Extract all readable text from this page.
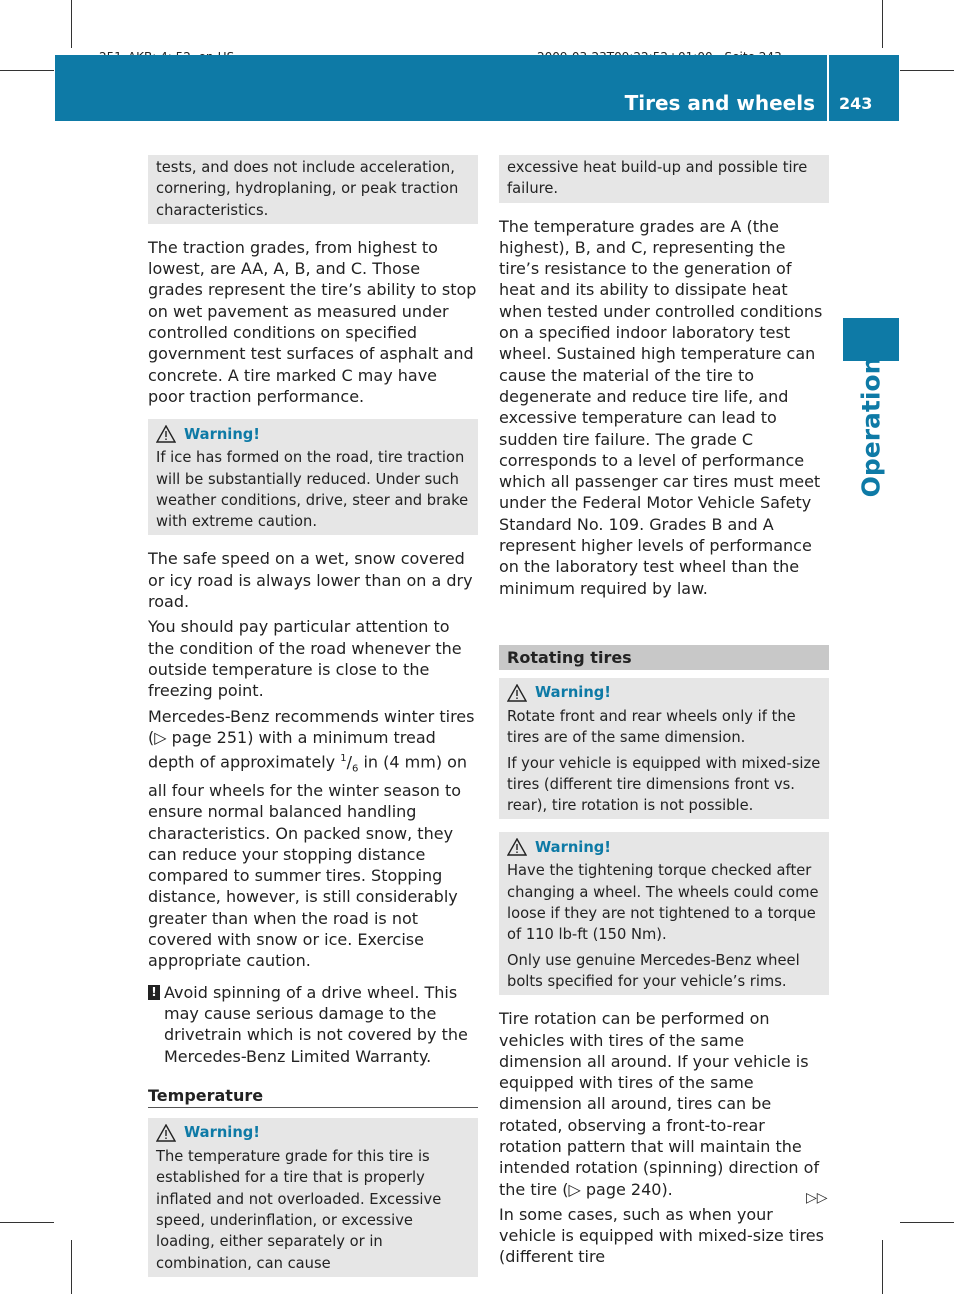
Tires and wheels 243
Operation

tests, and does not include acceleration, cornering, hydroplaning, or peak traction characteristics.

The traction grades, from highest to lowest, are AA, A, B, and C. Those grades represent the tire’s ability to stop on wet pavement as measured under controlled conditions on specified government test surfaces of asphalt and concrete. A tire marked C may have poor traction performance.

Warning!

If ice has formed on the road, tire traction will be substantially reduced. Under such weather conditions, drive, steer and brake with extreme caution.

The safe speed on a wet, snow covered or icy road is always lower than on a dry road.

You should pay particular attention to the condition of the road whenever the outside temperature is close to the freezing point.

Mercedes-Benz recommends winter tires (▷ page 251) with a minimum tread depth of approximately $^1/_6$ in (4 mm) on all four wheels for the winter season to ensure normal balanced handling characteristics. On packed snow, they can reduce your stopping distance compared to summer tires. Stopping distance, however, is still considerably greater than when the road is not covered with snow or ice. Exercise appropriate caution.

! Avoid spinning of a drive wheel. This may cause serious damage to the drivetrain which is not covered by the Mercedes-Benz Limited Warranty.

Temperature
Warning!

The temperature grade for this tire is established for a tire that is properly inflated and not overloaded. Excessive speed, underinflation, or excessive loading, either separately or in combination, can cause

excessive heat build-up and possible tire failure.

The temperature grades are A (the highest), B, and C, representing the tire’s resistance to the generation of heat and its ability to dissipate heat when tested under controlled conditions on a specified indoor laboratory test wheel. Sustained high temperature can cause the material of the tire to degenerate and reduce tire life, and excessive temperature can lead to sudden tire failure. The grade C corresponds to a level of performance which all passenger car tires must meet under the Federal Motor Vehicle Safety Standard No. 109. Grades B and A represent higher levels of performance on the laboratory test wheel than the minimum required by law.

Rotating tires
Warning!

Rotate front and rear wheels only if the tires are of the same dimension.

If your vehicle is equipped with mixed-size tires (different tire dimensions front vs. rear), tire rotation is not possible.

Warning!

Have the tightening torque checked after changing a wheel. The wheels could come loose if they are not tightened to a torque of 110 lb-ft (150 Nm).

Only use genuine Mercedes-Benz wheel bolts specified for your vehicle’s rims.

Tire rotation can be performed on vehicles with tires of the same dimension all around. If your vehicle is equipped with tires of the same dimension all around, tires can be rotated, observing a front-to-rear rotation pattern that will maintain the intended rotation (spinning) direction of the tire (▷ page 240).

In some cases, such as when your vehicle is equipped with mixed-size tires (different tire

▷▷
